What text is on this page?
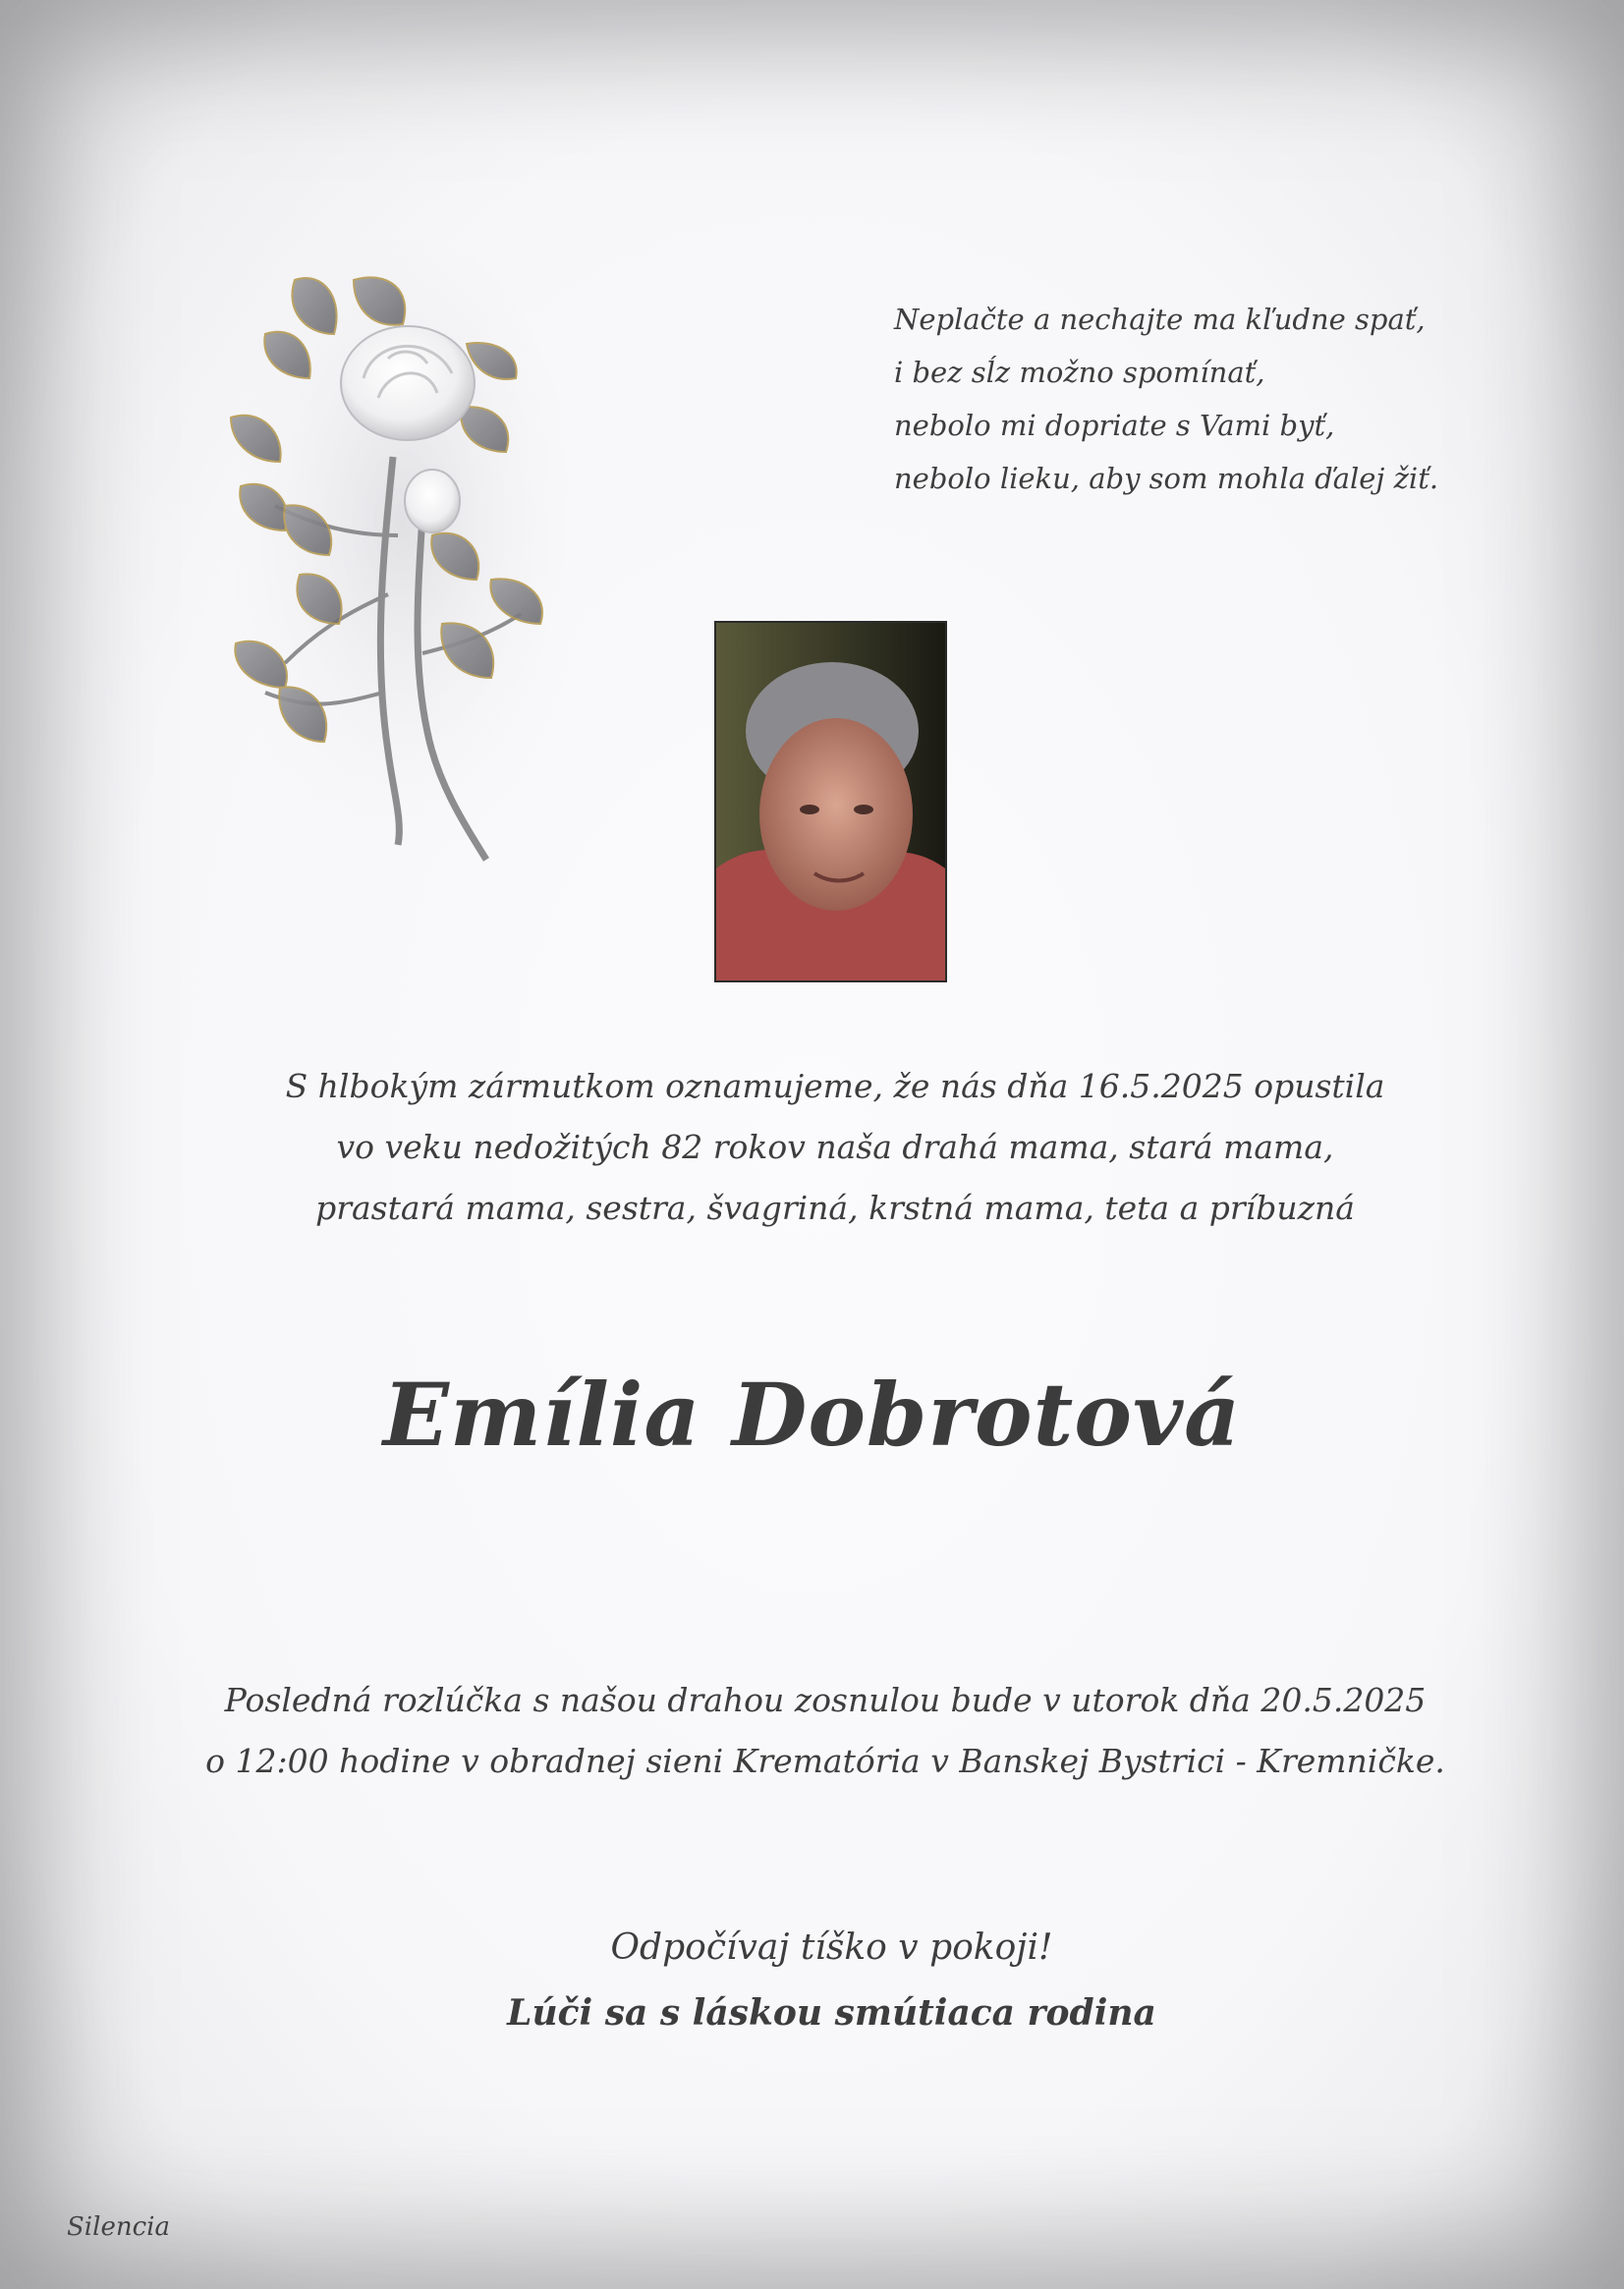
Neplačte a nechajte ma kľudne spať,
i bez sĺz možno spomínať,
nebolo mi dopriate s Vami byť,
nebolo lieku, aby som mohla ďalej žiť.
S hlbokým zármutkom oznamujeme, že nás dňa 16.5.2025 opustila
vo veku nedožitých 82 rokov naša drahá mama, stará mama,
prastará mama, sestra, švagriná, krstná mama, teta a príbuzná
Emília Dobrotová
Posledná rozlúčka s našou drahou zosnulou bude v utorok dňa 20.5.2025
o 12:00 hodine v obradnej sieni Krematória v Banskej Bystrici - Kremničke.
Odpočívaj tíško v pokoji!
Lúči sa s láskou smútiaca rodina
Silencia
